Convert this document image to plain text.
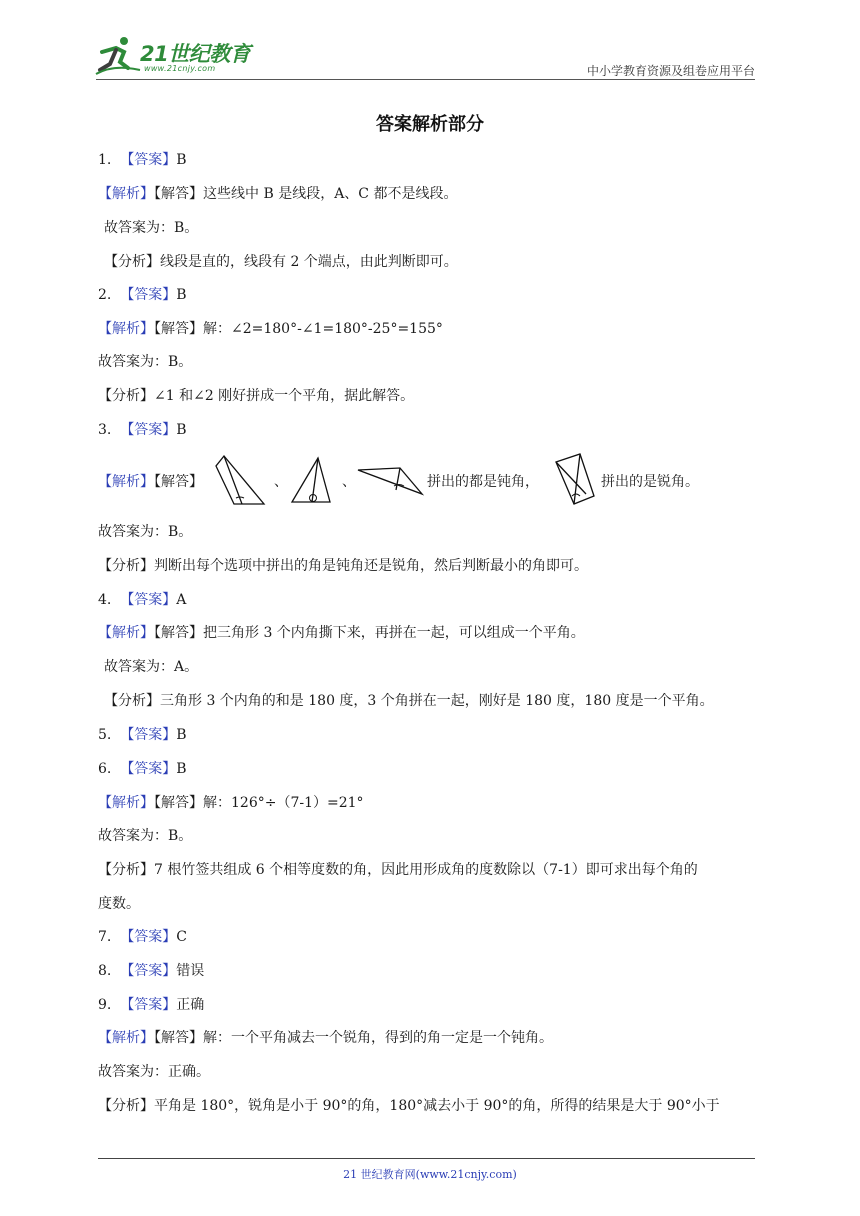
21世纪教育
www.21cnjy.com	中小学教育资源及组卷应用平台
答案解析部分
1. 【答案】B
【解析】【解答】这些线中 B 是线段，A、C 都不是线段。
故答案为：B。
【分析】线段是直的，线段有 2 个端点，由此判断即可。
2. 【答案】B
【解析】【解答】解：∠2=180°-∠1=180°-25°=155°
故答案为：B。
【分析】∠1 和∠2 刚好拼成一个平角，据此解答。
3. 【答案】B
【解析】【解答】	、	、	拼出的都是钝角，	拼出的是锐角。
故答案为：B。
【分析】判断出每个选项中拼出的角是钝角还是锐角，然后判断最小的角即可。
4. 【答案】A
【解析】【解答】把三角形 3 个内角撕下来，再拼在一起，可以组成一个平角。
故答案为：A。
【分析】三角形 3 个内角的和是 180 度，3 个角拼在一起，刚好是 180 度，180 度是一个平角。
5. 【答案】B
6. 【答案】B
【解析】【解答】解：126°÷（7-1）=21°
故答案为：B。
【分析】7 根竹签共组成 6 个相等度数的角，因此用形成角的度数除以（7-1）即可求出每个角的
度数。
7. 【答案】C
8. 【答案】错误
9. 【答案】正确
【解析】【解答】解：一个平角减去一个锐角，得到的角一定是一个钝角。
故答案为：正确。
【分析】平角是 180°，锐角是小于 90°的角，180°减去小于 90°的角，所得的结果是大于 90°小于
21 世纪教育网(www.21cnjy.com)
